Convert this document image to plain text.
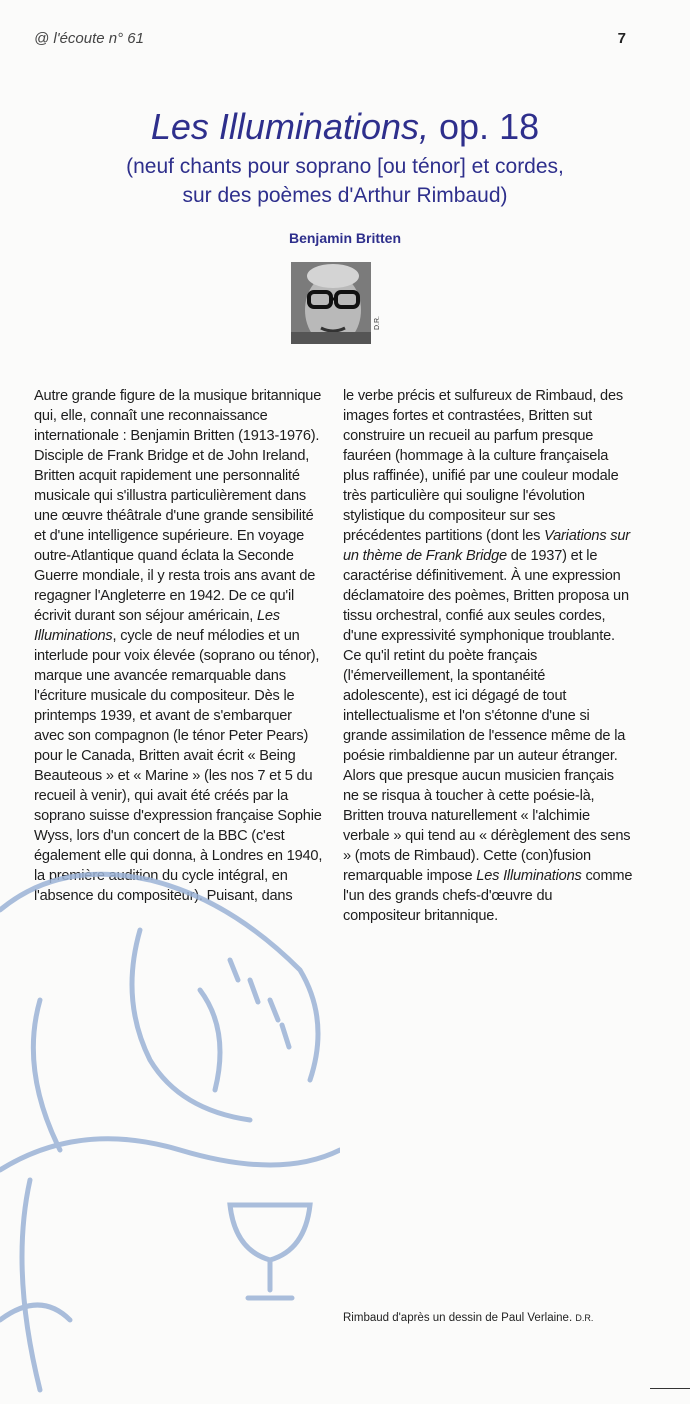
@ l'écoute n° 61	7
Les Illuminations, op. 18
(neuf chants pour soprano [ou ténor] et cordes,
sur des poèmes d'Arthur Rimbaud)
Benjamin Britten
D.R.

Autre grande figure de la musique britannique qui, elle, connaît une reconnaissance internationale : Benjamin Britten (1913-1976). Disciple de Frank Bridge et de John Ireland, Britten acquit rapidement une personnalité musicale qui s'illustra particulièrement dans une œuvre théâtrale d'une grande sensibilité et d'une intelligence supérieure. En voyage outre-Atlantique quand éclata la Seconde Guerre mondiale, il y resta trois ans avant de regagner l'Angleterre en 1942. De ce qu'il écrivit durant son séjour américain, Les Illuminations, cycle de neuf mélodies et un interlude pour voix élevée (soprano ou ténor), marque une avancée remarquable dans l'écriture musicale du compositeur. Dès le printemps 1939, et avant de s'embarquer avec son compagnon (le ténor Peter Pears) pour le Canada, Britten avait écrit « Being Beauteous » et « Marine » (les nos 7 et 5 du recueil à venir), qui avait été créés par la soprano suisse d'expression française Sophie Wyss, lors d'un concert de la BBC (c'est également elle qui donna, à Londres en 1940, la première audition du cycle intégral, en l'absence du compositeur). Puisant, dans

le verbe précis et sulfureux de Rimbaud, des images fortes et contrastées, Britten sut construire un recueil au parfum presque fauréen (hommage à la culture françaisela plus raffinée), unifié par une couleur modale très particulière qui souligne l'évolution stylistique du compositeur sur ses précédentes partitions (dont les Variations sur un thème de Frank Bridge de 1937) et le caractérise définitivement. À une expression déclamatoire des poèmes, Britten proposa un tissu orchestral, confié aux seules cordes, d'une expressivité symphonique troublante. Ce qu'il retint du poète français (l'émerveillement, la spontanéité adolescente), est ici dégagé de tout intellectualisme et l'on s'étonne d'une si grande assimilation de l'essence même de la poésie rimbaldienne par un auteur étranger. Alors que presque aucun musicien français ne se risqua à toucher à cette poésie-là, Britten trouva naturellement « l'alchimie verbale » qui tend au « dérèglement des sens » (mots de Rimbaud). Cette (con)fusion remarquable impose Les Illuminations comme l'un des grands chefs-d'œuvre du compositeur britannique.

Rimbaud d'après un dessin de Paul Verlaine. D.R.
